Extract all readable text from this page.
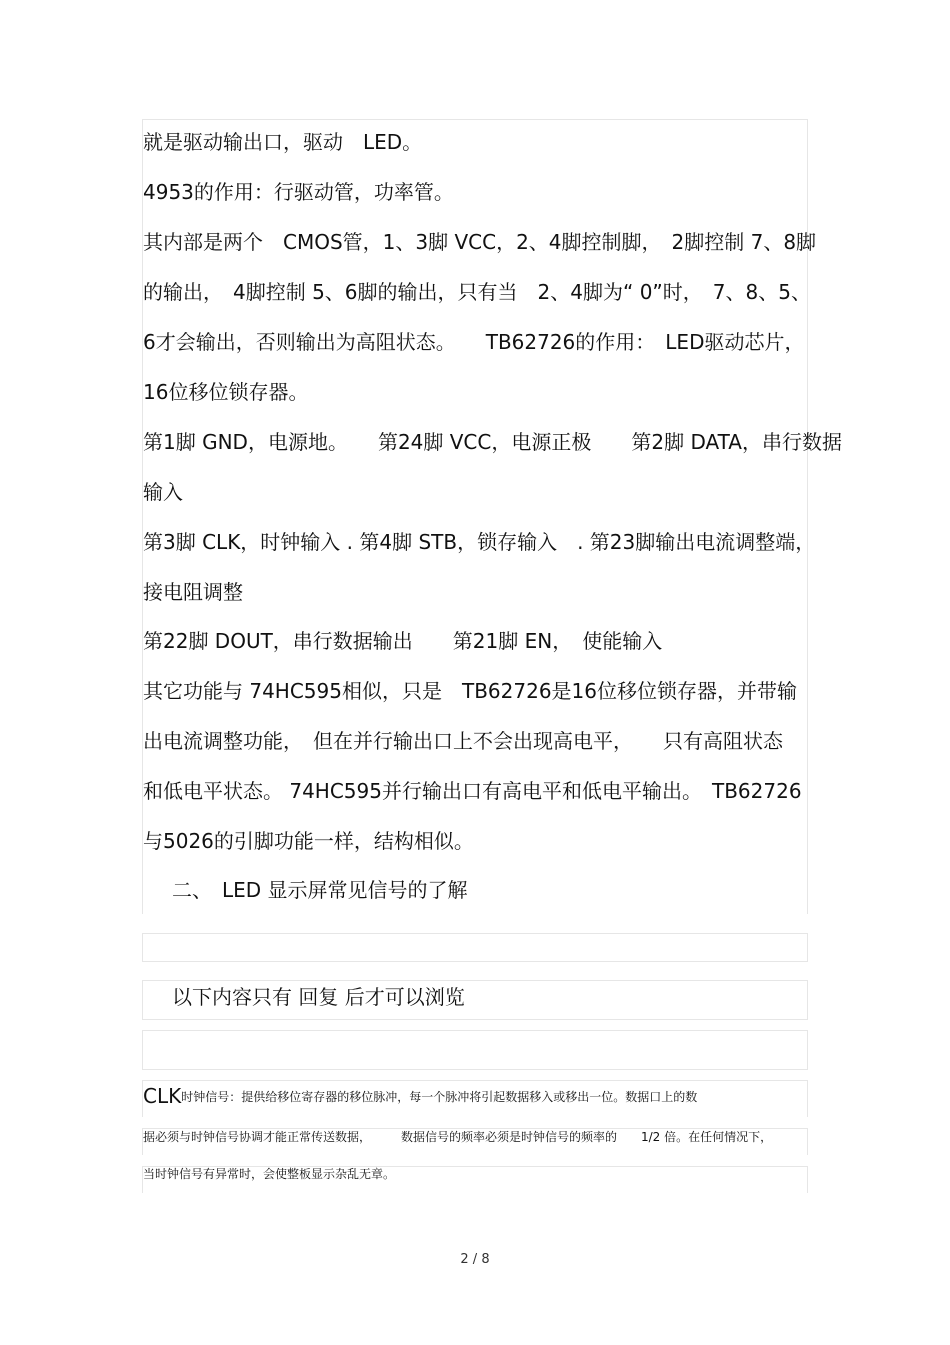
就是驱动输出口，驱动　LED。
4953的作用：行驱动管，功率管。
其内部是两个　CMOS管，1、3脚 VCC，2、4脚控制脚，　2脚控制 7、8脚
的输出，　4脚控制 5、6脚的输出，只有当　2、4脚为“ 0”时，　7、8、5、
6才会输出，否则输出为高阻状态。　　TB62726的作用：　LED驱动芯片，
16位移位锁存器。
第1脚 GND，电源地。　　第24脚 VCC，电源正极　　第2脚 DATA，串行数据
输入
第3脚 CLK，时钟输入 . 第4脚 STB，锁存输入　. 第23脚输出电流调整端，
接电阻调整
第22脚 DOUT，串行数据输出　　第21脚 EN，　使能输入
其它功能与 74HC595相似，只是　TB62726是16位移位锁存器，并带输
出电流调整功能，　但在并行输出口上不会出现高电平，　　只有高阻状态
和低电平状态。 74HC595并行输出口有高电平和低电平输出。　TB62726
与5026的引脚功能一样，结构相似。
二、　LED 显示屏常见信号的了解
以下内容只有 回复 后才可以浏览
CLK时钟信号：提供给移位寄存器的移位脉冲，每一个脉冲将引起数据移入或移出一位。数据口上的数
据必须与时钟信号协调才能正常传送数据，　　　数据信号的频率必须是时钟信号的频率的　　1/2 倍。在任何情况下，
当时钟信号有异常时，会使整板显示杂乱无章。
2 / 8
